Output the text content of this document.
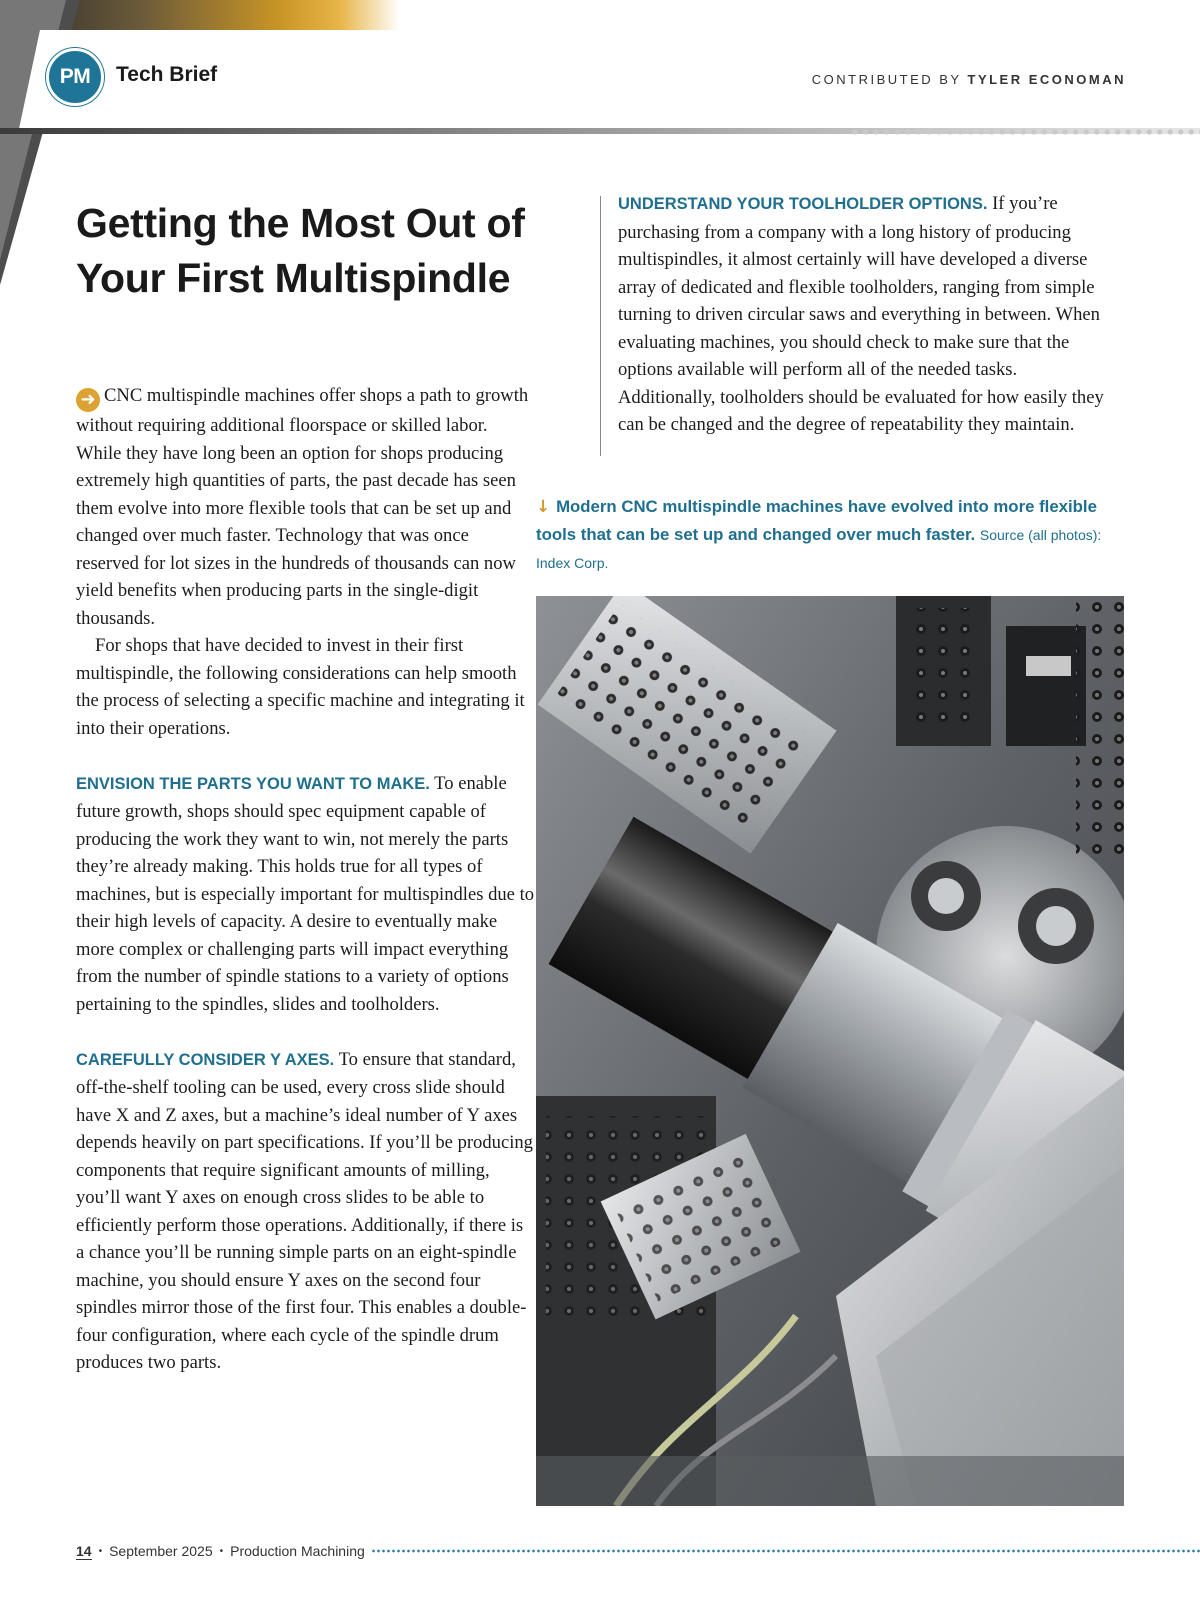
PM	Tech Brief	CONTRIBUTED BY TYLER ECONOMAN
Getting the Most Out of
Your First Multispindle

➜ CNC multispindle machines offer shops a path to growth without requiring additional floorspace or skilled labor. While they have long been an option for shops producing extremely high quantities of parts, the past decade has seen them evolve into more flexible tools that can be set up and changed over much faster. Technology that was once reserved for lot sizes in the hundreds of thousands can now yield benefits when producing parts in the single-digit thousands.

For shops that have decided to invest in their first multispindle, the following considerations can help smooth the process of selecting a specific machine and integrating it into their operations.

ENVISION THE PARTS YOU WANT TO MAKE. To enable future growth, shops should spec equipment capable of producing the work they want to win, not merely the parts they’re already making. This holds true for all types of machines, but is especially important for multispindles due to their high levels of capacity. A desire to eventually make more complex or challenging parts will impact everything from the number of spindle stations to a variety of options pertaining to the spindles, slides and toolholders.

CAREFULLY CONSIDER Y AXES. To ensure that standard, off-the-shelf tooling can be used, every cross slide should have X and Z axes, but a machine’s ideal number of Y axes depends heavily on part specifications. If you’ll be producing components that require significant amounts of milling, you’ll want Y axes on enough cross slides to be able to efficiently perform those operations. Additionally, if there is a chance you’ll be running simple parts on an eight-spindle machine, you should ensure Y axes on the second four spindles mirror those of the first four. This enables a double-four configuration, where each cycle of the spindle drum produces two parts.

UNDERSTAND YOUR TOOLHOLDER OPTIONS. If you’re purchasing from a company with a long history of producing multispindles, it almost certainly will have developed a diverse array of dedicated and flexible toolholders, ranging from simple turning to driven circular saws and everything in between. When evaluating machines, you should check to make sure that the options available will perform all of the needed tasks. Additionally, toolholders should be evaluated for how easily they can be changed and the degree of repeatability they maintain.

↓ Modern CNC multispindle machines have evolved into more flexible tools that can be set up and changed over much faster. Source (all photos): Index Corp.
14 • September 2025 • Production Machining
